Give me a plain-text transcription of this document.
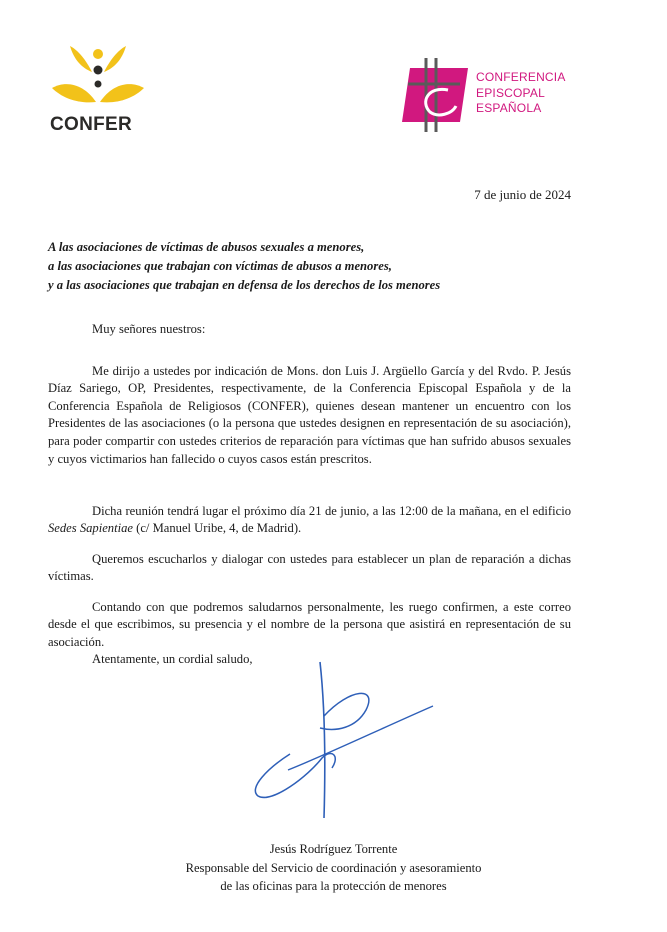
CONFER
CONFERENCIA
EPISCOPAL
ESPAÑOLA
7 de junio de 2024
A las asociaciones de víctimas de abusos sexuales a menores,
a las asociaciones que trabajan con víctimas de abusos a menores,
y a las asociaciones que trabajan en defensa de los derechos de los menores
Muy señores nuestros:

Me dirijo a ustedes por indicación de Mons. don Luis J. Argüello García y del Rvdo. P. Jesús Díaz Sariego, OP, Presidentes, respectivamente, de la Conferencia Episcopal Española y de la Conferencia Española de Religiosos (CONFER), quienes desean mantener un encuentro con los Presidentes de las asociaciones (o la persona que ustedes designen en representación de su asociación), para poder compartir con ustedes criterios de reparación para víctimas que han sufrido abusos sexuales y cuyos victimarios han fallecido o cuyos casos están prescritos.

Dicha reunión tendrá lugar el próximo día 21 de junio, a las 12:00 de la mañana, en el edificio Sedes Sapientiae (c/ Manuel Uribe, 4, de Madrid).

Queremos escucharlos y dialogar con ustedes para establecer un plan de reparación a dichas víctimas.

Contando con que podremos saludarnos personalmente, les ruego confirmen, a este correo desde el que escribimos, su presencia y el nombre de la persona que asistirá en representación de su asociación.

Atentamente, un cordial saludo,
Jesús Rodríguez Torrente
Responsable del Servicio de coordinación y asesoramiento
de las oficinas para la protección de menores
